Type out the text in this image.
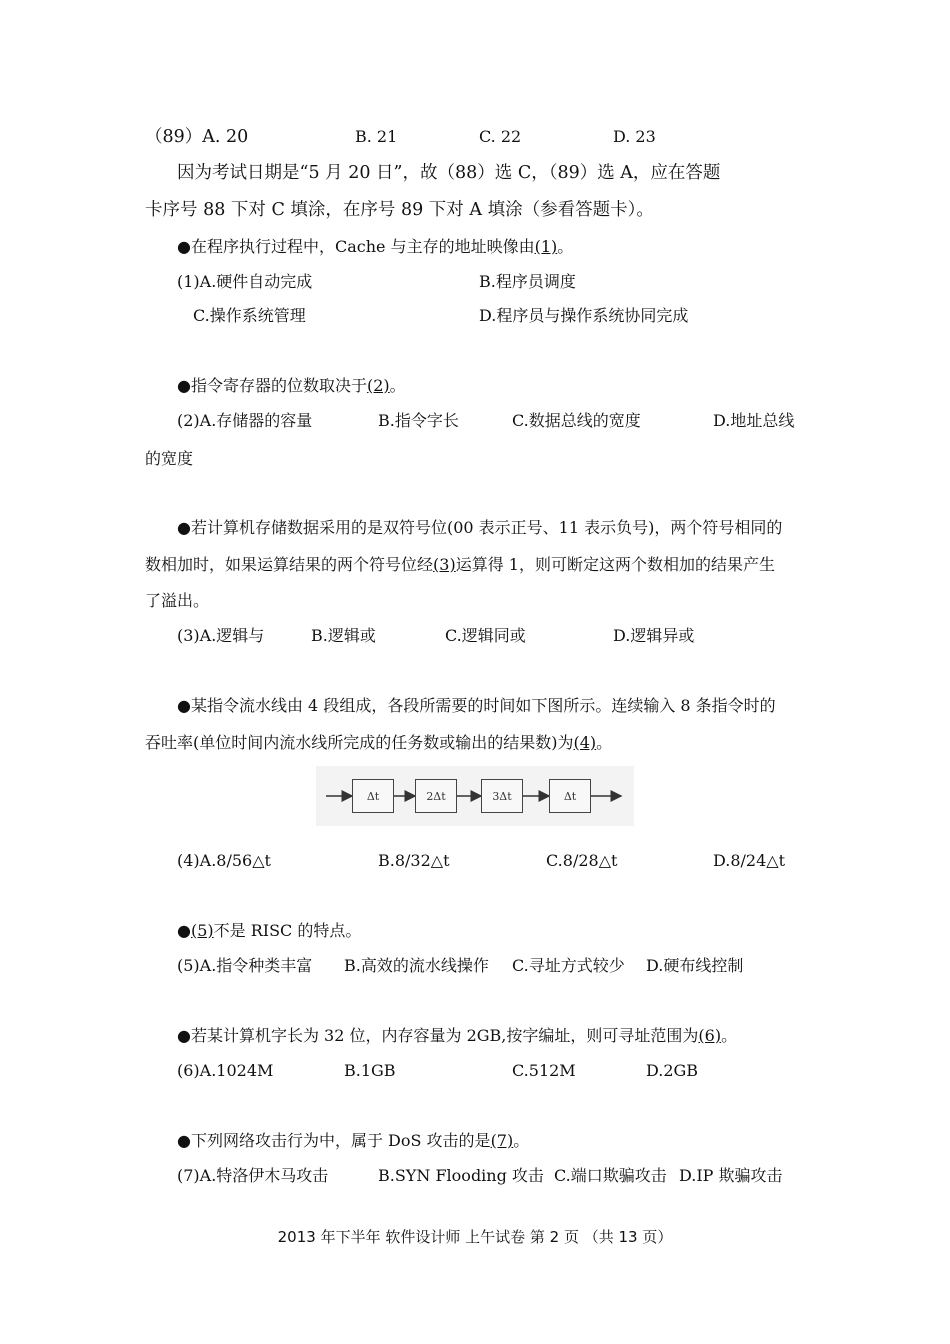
（89）A. 20	B. 21	C. 22	D. 23
因为考试日期是“5 月 20 日”，故（88）选 C，（89）选 A，应在答题
卡序号 88 下对 C 填涂，在序号 89 下对 A 填涂（参看答题卡）。
●在程序执行过程中，Cache 与主存的地址映像由(1)。
(1)A.硬件自动完成	B.程序员调度
C.操作系统管理	D.程序员与操作系统协同完成
●指令寄存器的位数取决于(2)。
(2)A.存储器的容量	B.指令字长	C.数据总线的宽度	D.地址总线
的宽度
●若计算机存储数据采用的是双符号位(00 表示正号、11 表示负号)，两个符号相同的
数相加时，如果运算结果的两个符号位经(3)运算得 1，则可断定这两个数相加的结果产生
了溢出。
(3)A.逻辑与	B.逻辑或	C.逻辑同或	D.逻辑异或
●某指令流水线由 4 段组成，各段所需要的时间如下图所示。连续输入 8 条指令时的
吞吐率(单位时间内流水线所完成的任务数或输出的结果数)为(4)。
Δt	2Δt	3Δt	Δt
(4)A.8/56△t	B.8/32△t	C.8/28△t	D.8/24△t
●(5)不是 RISC 的特点。
(5)A.指令种类丰富 B.高效的流水线操作 C.寻址方式较少 D.硬布线控制
●若某计算机字长为 32 位，内存容量为 2GB,按字编址，则可寻址范围为(6)。
(6)A.1024M	B.1GB	C.512M	D.2GB
●下列网络攻击行为中，属于 DoS 攻击的是(7)。
(7)A.特洛伊木马攻击	B.SYN Flooding 攻击 C.端口欺骗攻击 D.IP 欺骗攻击
2013 年下半年 软件设计师 上午试卷 第 2 页 （共 13 页）
